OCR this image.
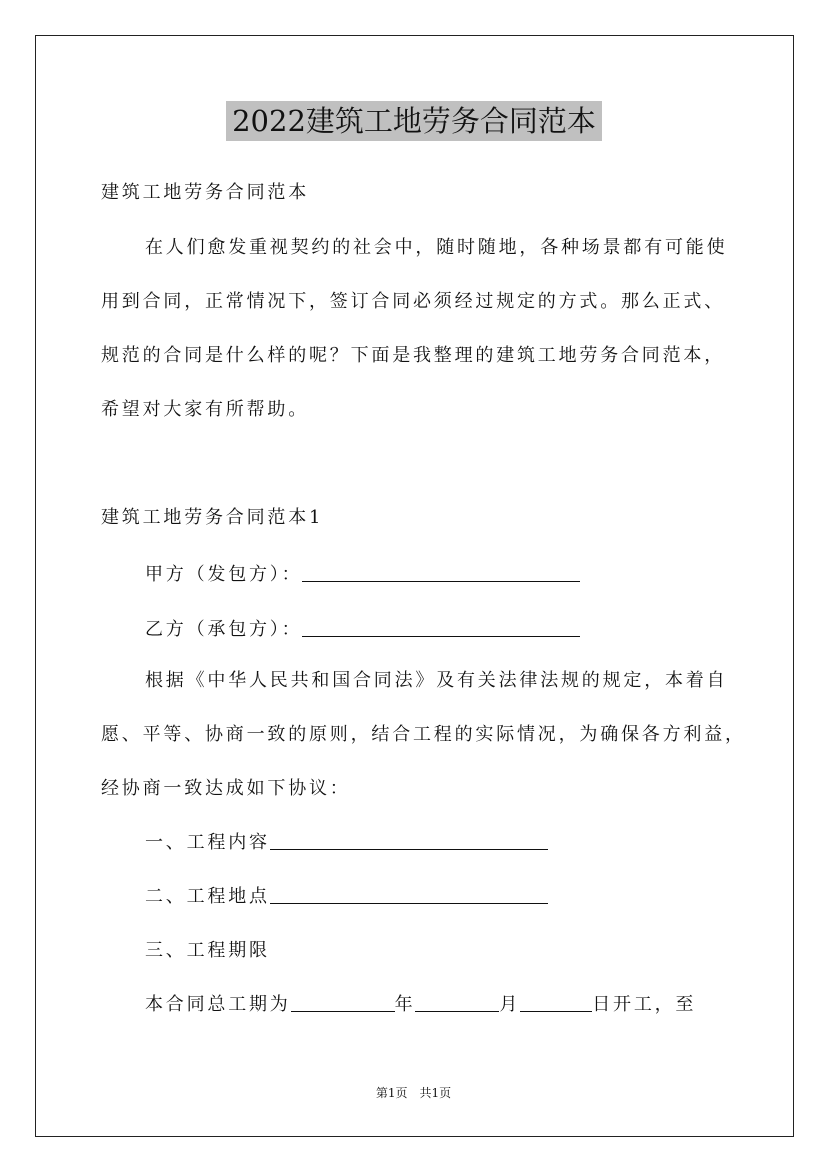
2022建筑工地劳务合同范本
建筑工地劳务合同范本
在人们愈发重视契约的社会中，随时随地，各种场景都有可能使
用到合同，正常情况下，签订合同必须经过规定的方式。那么正式、
规范的合同是什么样的呢？下面是我整理的建筑工地劳务合同范本，
希望对大家有所帮助。
建筑工地劳务合同范本1
甲方（发包方）：
乙方（承包方）：
根据《中华人民共和国合同法》及有关法律法规的规定，本着自
愿、平等、协商一致的原则，结合工程的实际情况，为确保各方利益，
经协商一致达成如下协议：
一、工程内容
二、工程地点
三、工程期限
本合同总工期为	年	月	日开工，至
第1页　共1页
